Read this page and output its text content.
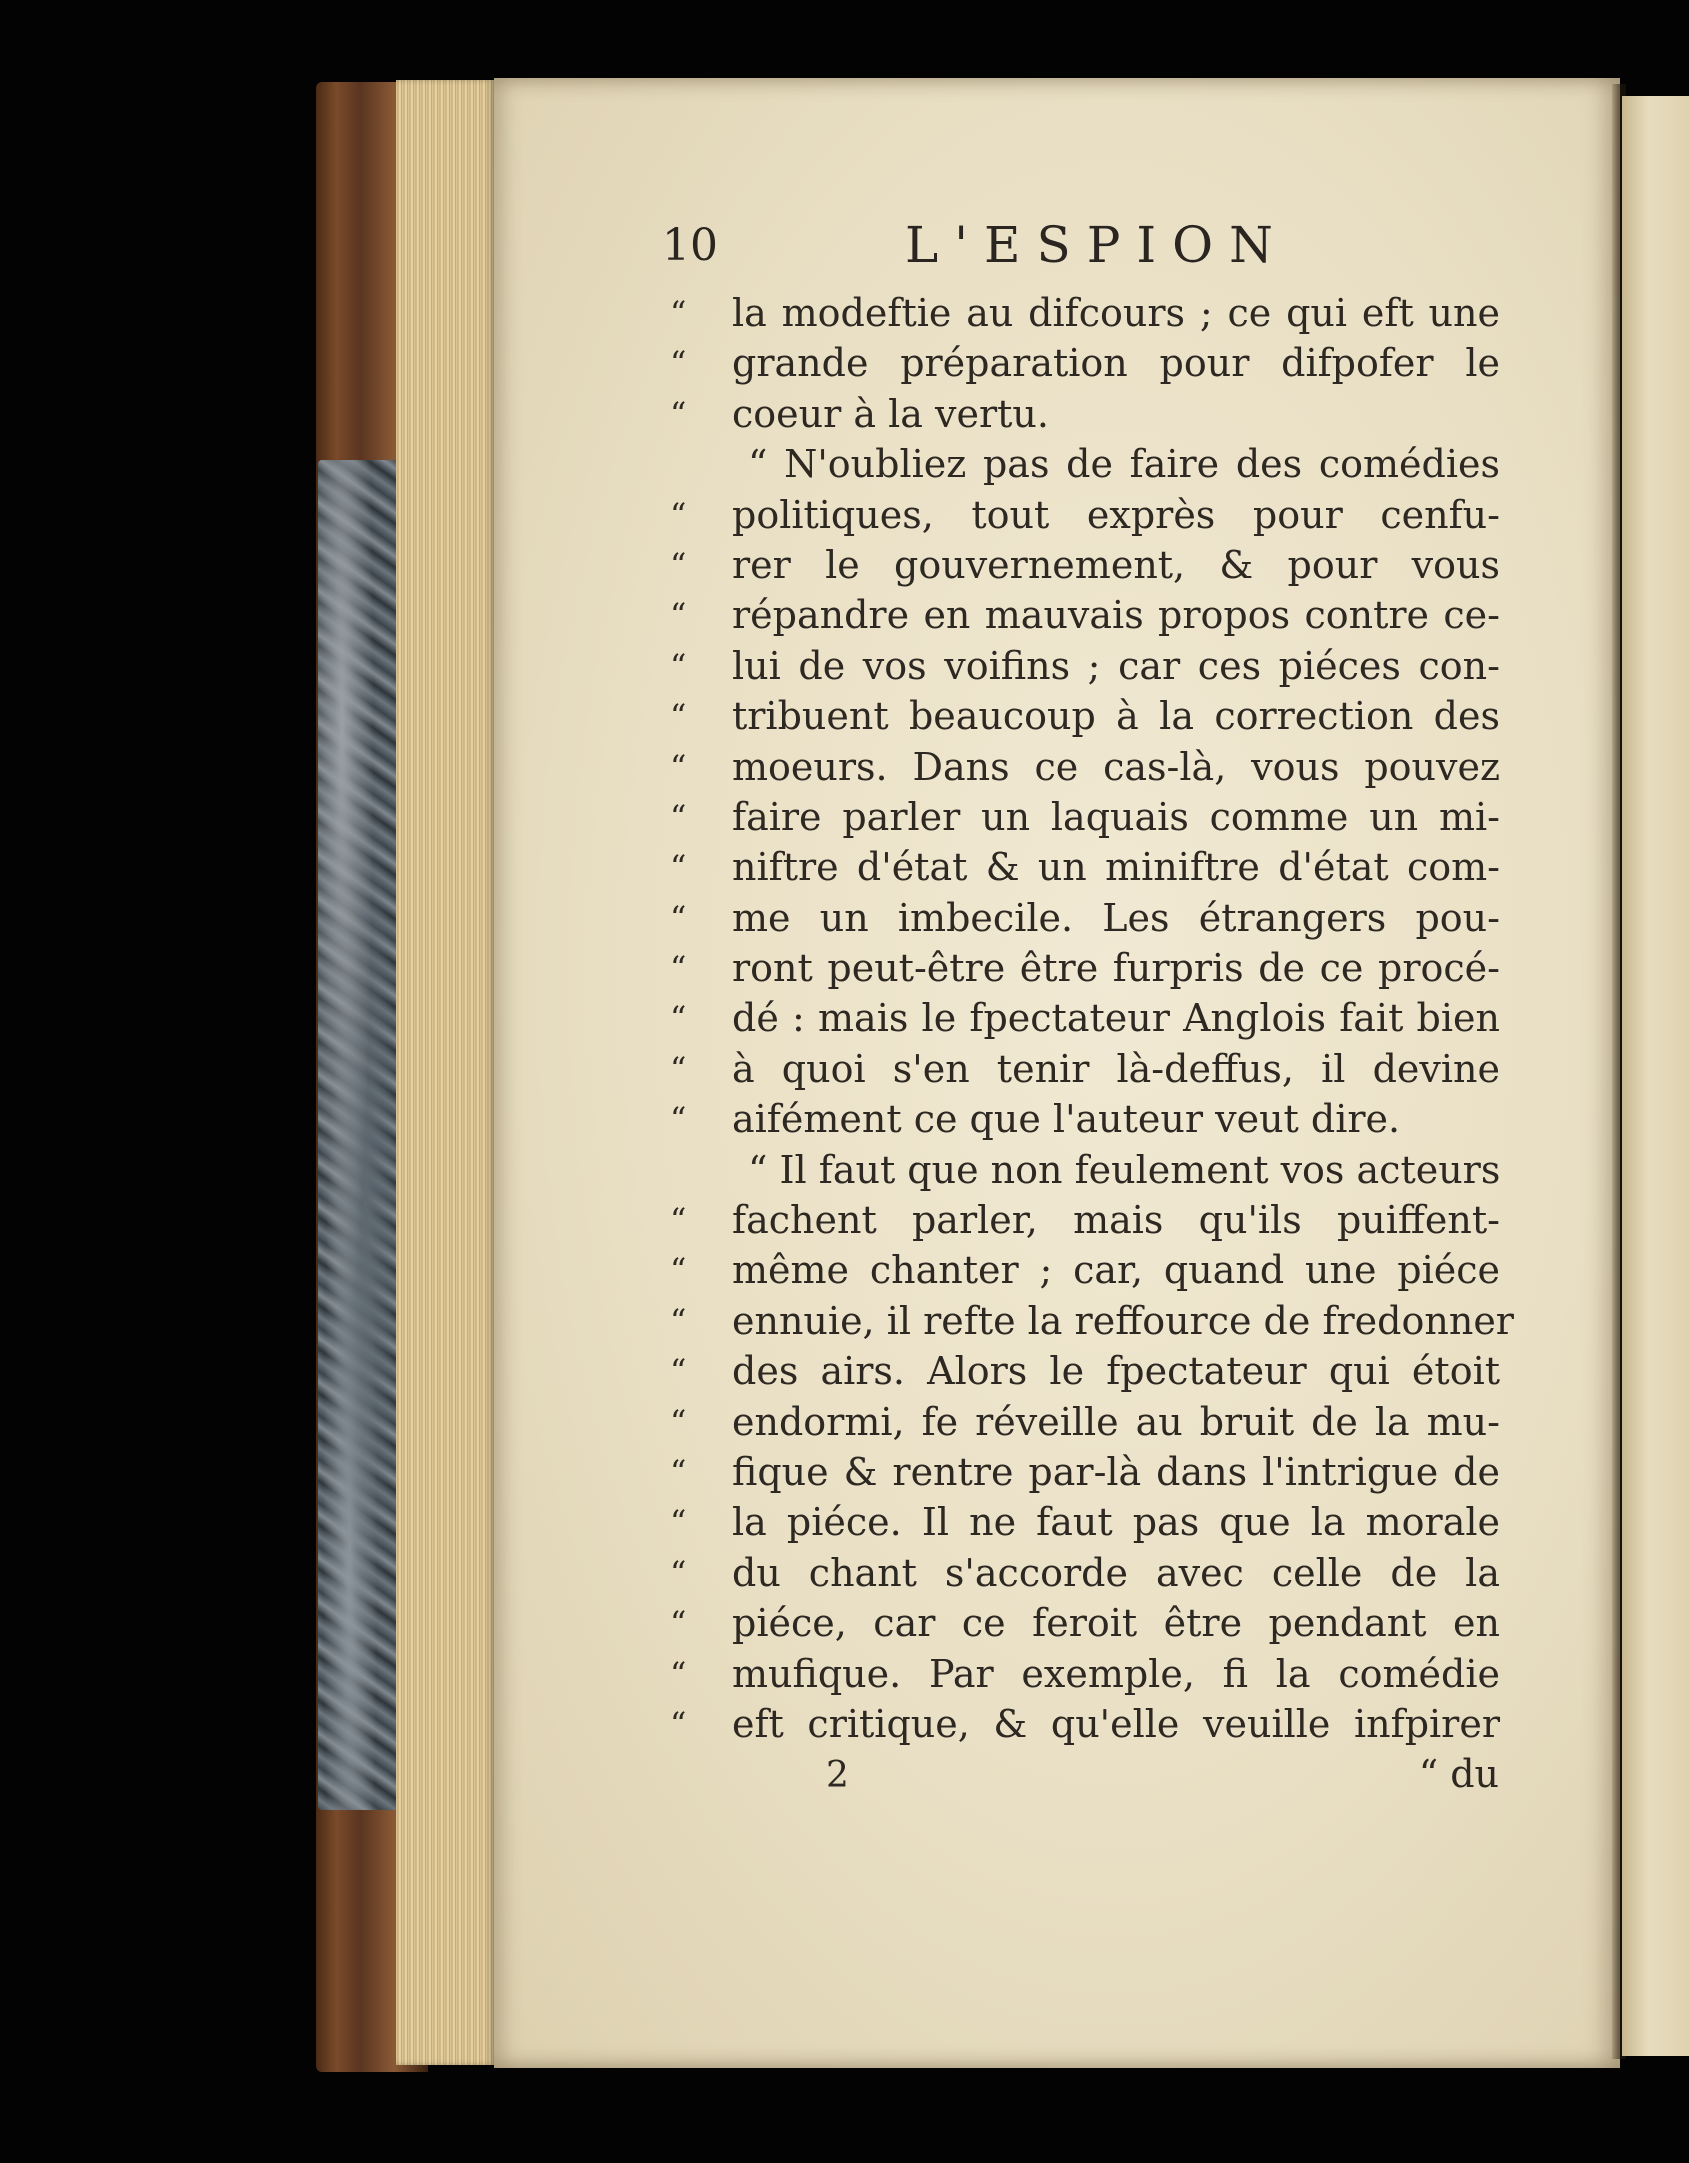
10	L'ESPION
“	la modeftie au difcours ; ce qui eft une
“	grande préparation pour difpofer le
“	coeur à la vertu.
“ N'oubliez pas de faire des comédies
“	politiques, tout exprès pour cenfu-
“	rer le gouvernement, & pour vous
“	répandre en mauvais propos contre ce-
“	lui de vos voifins ; car ces piéces con-
“	tribuent beaucoup à la correction des
“	moeurs. Dans ce cas-là, vous pouvez
“	faire parler un laquais comme un mi-
“	niftre d'état & un miniftre d'état com-
“	me un imbecile. Les étrangers pou-
“	ront peut-être être furpris de ce procé-
“	dé : mais le fpectateur Anglois fait bien
“	à quoi s'en tenir là-deffus, il devine
“	aifément ce que l'auteur veut dire.
“ Il faut que non feulement vos acteurs
“	fachent parler, mais qu'ils puiffent-
“	même chanter ; car, quand une piéce
“	ennuie, il refte la reffource de fredonner
“	des airs. Alors le fpectateur qui étoit
“	endormi, fe réveille au bruit de la mu-
“	fique & rentre par-là dans l'intrigue de
“	la piéce. Il ne faut pas que la morale
“	du chant s'accorde avec celle de la
“	piéce, car ce feroit être pendant en
“	mufique. Par exemple, fi la comédie
“	eft critique, & qu'elle veuille infpirer
2	“ du
